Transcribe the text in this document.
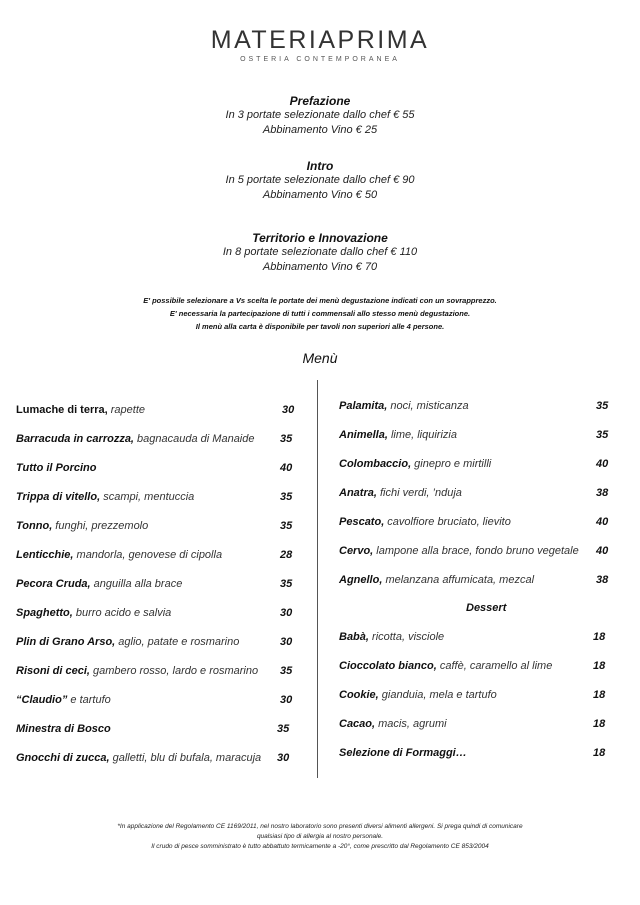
MATERIAPRIMA
OSTERIA CONTEMPORANEA
Prefazione
In 3 portate selezionate dallo chef € 55
Abbinamento Vino € 25
Intro
In 5 portate selezionate dallo chef € 90
Abbinamento Vino € 50
Territorio e Innovazione
In 8 portate selezionate dallo chef € 110
Abbinamento Vino € 70
E' possibile selezionare a Vs scelta le portate dei menù degustazione indicati con un sovrapprezzo.
E' necessaria la partecipazione di tutti i commensali allo stesso menù degustazione.
Il menù alla carta è disponibile per tavoli non superiori alle 4 persone.
Menù
Lumache di terra, rapette	30
Barracuda in carrozza, bagnacauda di Manaide 35
Tutto il Porcino	40
Trippa di vitello, scampi, mentuccia	35
Tonno, funghi, prezzemolo	35
Lenticchie, mandorla, genovese di cipolla	28
Pecora Cruda, anguilla alla brace	35
Spaghetto, burro acido e salvia	30
Plin di Grano Arso, aglio, patate e rosmarino	30
Risoni di ceci, gambero rosso, lardo e rosmarino 35
“Claudio” e tartufo	30
Minestra di Bosco	35
Gnocchi di zucca, galletti, blu di bufala, maracuja 30
Palamita, noci, misticanza	35
Animella, lime, liquirizia	35
Colombaccio, ginepro e mirtilli	40
Anatra, fichi verdi, ’nduja	38
Pescato, cavolfiore bruciato, lievito	40
Cervo, lampone alla brace, fondo bruno vegetale 40
Agnello, melanzana affumicata, mezcal	38
Dessert
Babà, ricotta, visciole	18
Cioccolato bianco, caffè, caramello al lime	18
Cookie, gianduia, mela e tartufo	18
Cacao, macis, agrumi	18
Selezione di Formaggi…	18
*In applicazione del Regolamento CE 1169/2011, nel nostro laboratorio sono presenti diversi alimenti allergeni. Si prega quindi di comunicare
qualsiasi tipo di allergia al nostro personale.
Il crudo di pesce somministrato è tutto abbattuto termicamente a -20°, come prescritto dal Regolamento CE 853/2004
